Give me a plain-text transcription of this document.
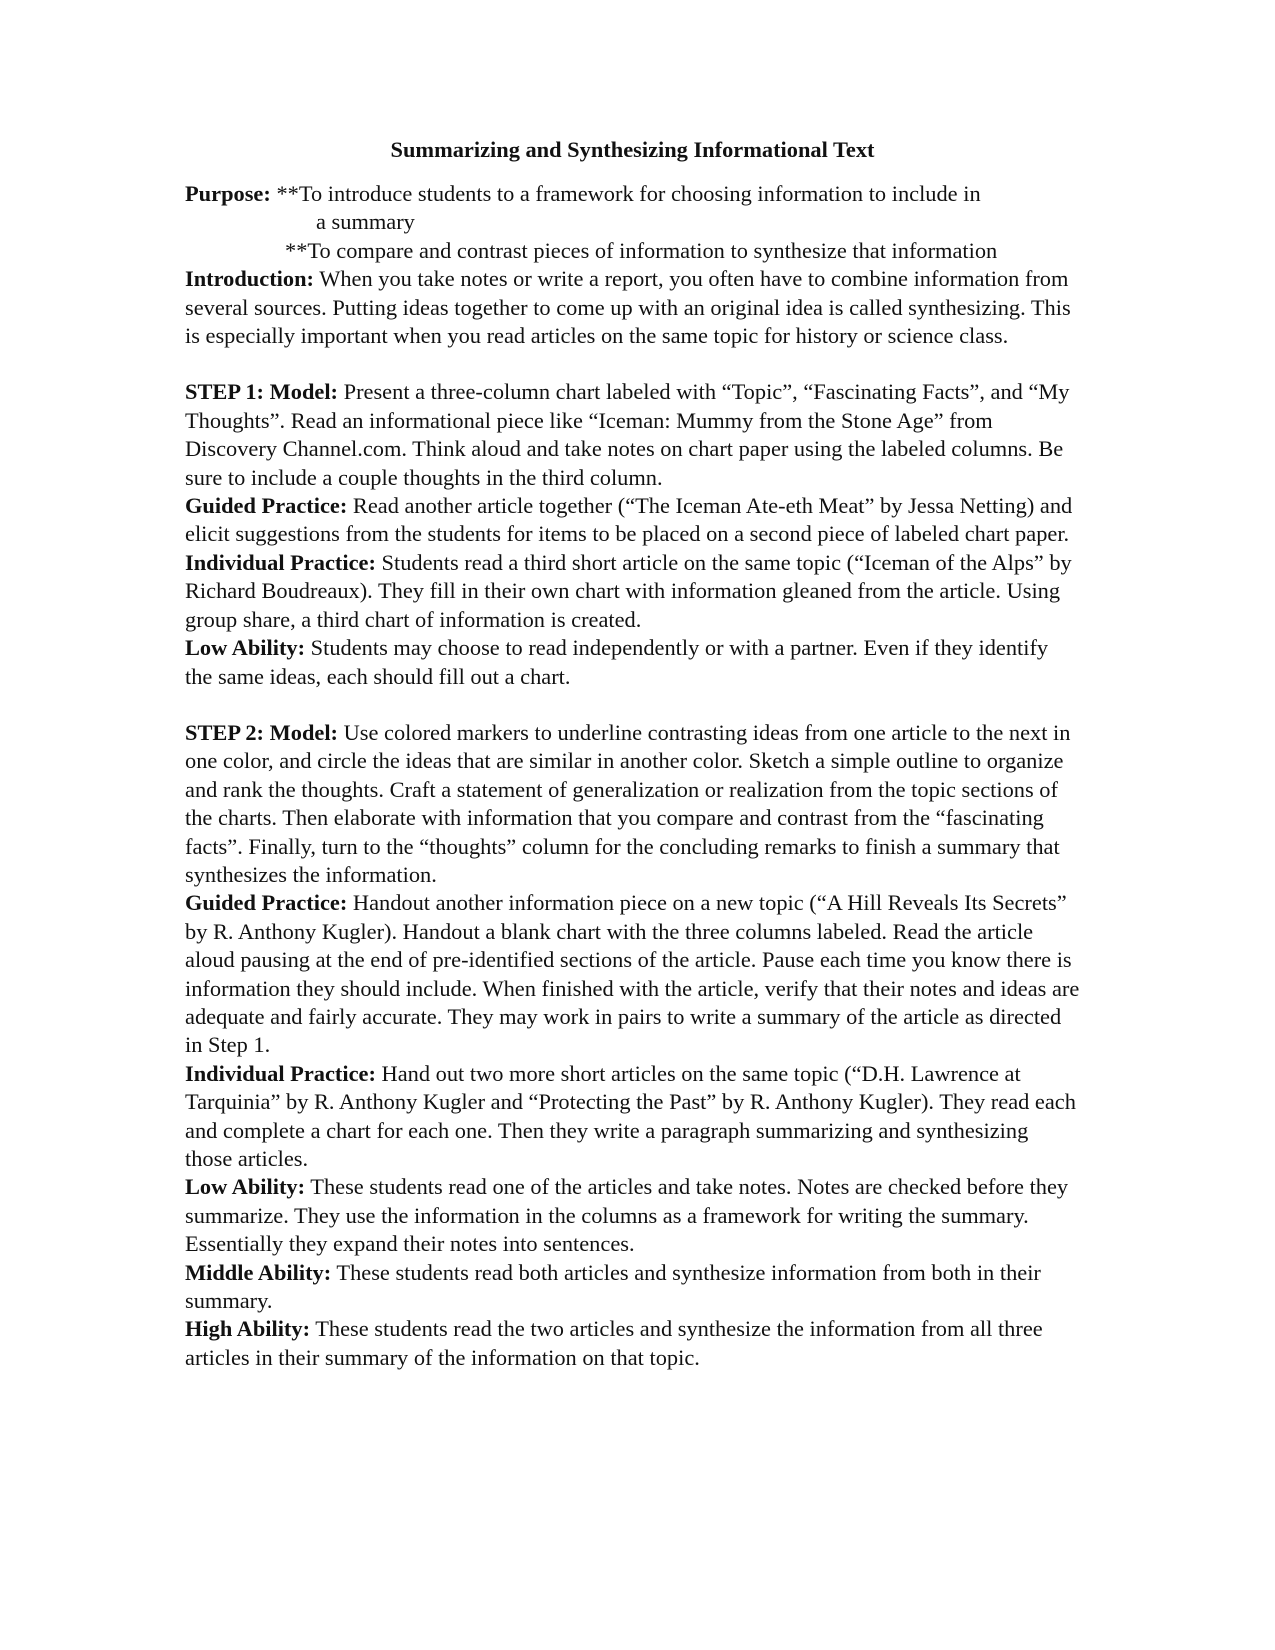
Summarizing and Synthesizing Informational Text

Purpose: **To introduce students to a framework for choosing information to include in

a summary

**To compare and contrast pieces of information to synthesize that information

Introduction: When you take notes or write a report, you often have to combine information from several sources. Putting ideas together to come up with an original idea is called synthesizing. This is especially important when you read articles on the same topic for history or science class.

STEP 1: Model: Present a three-column chart labeled with “Topic”, “Fascinating Facts”, and “My Thoughts”. Read an informational piece like “Iceman: Mummy from the Stone Age” from Discovery Channel.com. Think aloud and take notes on chart paper using the labeled columns. Be sure to include a couple thoughts in the third column.

Guided Practice: Read another article together (“The Iceman Ate-eth Meat” by Jessa Netting) and elicit suggestions from the students for items to be placed on a second piece of labeled chart paper.

Individual Practice: Students read a third short article on the same topic (“Iceman of the Alps” by Richard Boudreaux). They fill in their own chart with information gleaned from the article. Using group share, a third chart of information is created.

Low Ability: Students may choose to read independently or with a partner. Even if they identify the same ideas, each should fill out a chart.

STEP 2: Model: Use colored markers to underline contrasting ideas from one article to the next in one color, and circle the ideas that are similar in another color. Sketch a simple outline to organize and rank the thoughts. Craft a statement of generalization or realization from the topic sections of the charts. Then elaborate with information that you compare and contrast from the “fascinating facts”. Finally, turn to the “thoughts” column for the concluding remarks to finish a summary that synthesizes the information.

Guided Practice: Handout another information piece on a new topic (“A Hill Reveals Its Secrets” by R. Anthony Kugler). Handout a blank chart with the three columns labeled. Read the article aloud pausing at the end of pre-identified sections of the article. Pause each time you know there is information they should include. When finished with the article, verify that their notes and ideas are adequate and fairly accurate. They may work in pairs to write a summary of the article as directed in Step 1.

Individual Practice: Hand out two more short articles on the same topic (“D.H. Lawrence at Tarquinia” by R. Anthony Kugler and “Protecting the Past” by R. Anthony Kugler). They read each and complete a chart for each one. Then they write a paragraph summarizing and synthesizing those articles.

Low Ability: These students read one of the articles and take notes. Notes are checked before they summarize. They use the information in the columns as a framework for writing the summary. Essentially they expand their notes into sentences.

Middle Ability: These students read both articles and synthesize information from both in their summary.

High Ability: These students read the two articles and synthesize the information from all three articles in their summary of the information on that topic.
